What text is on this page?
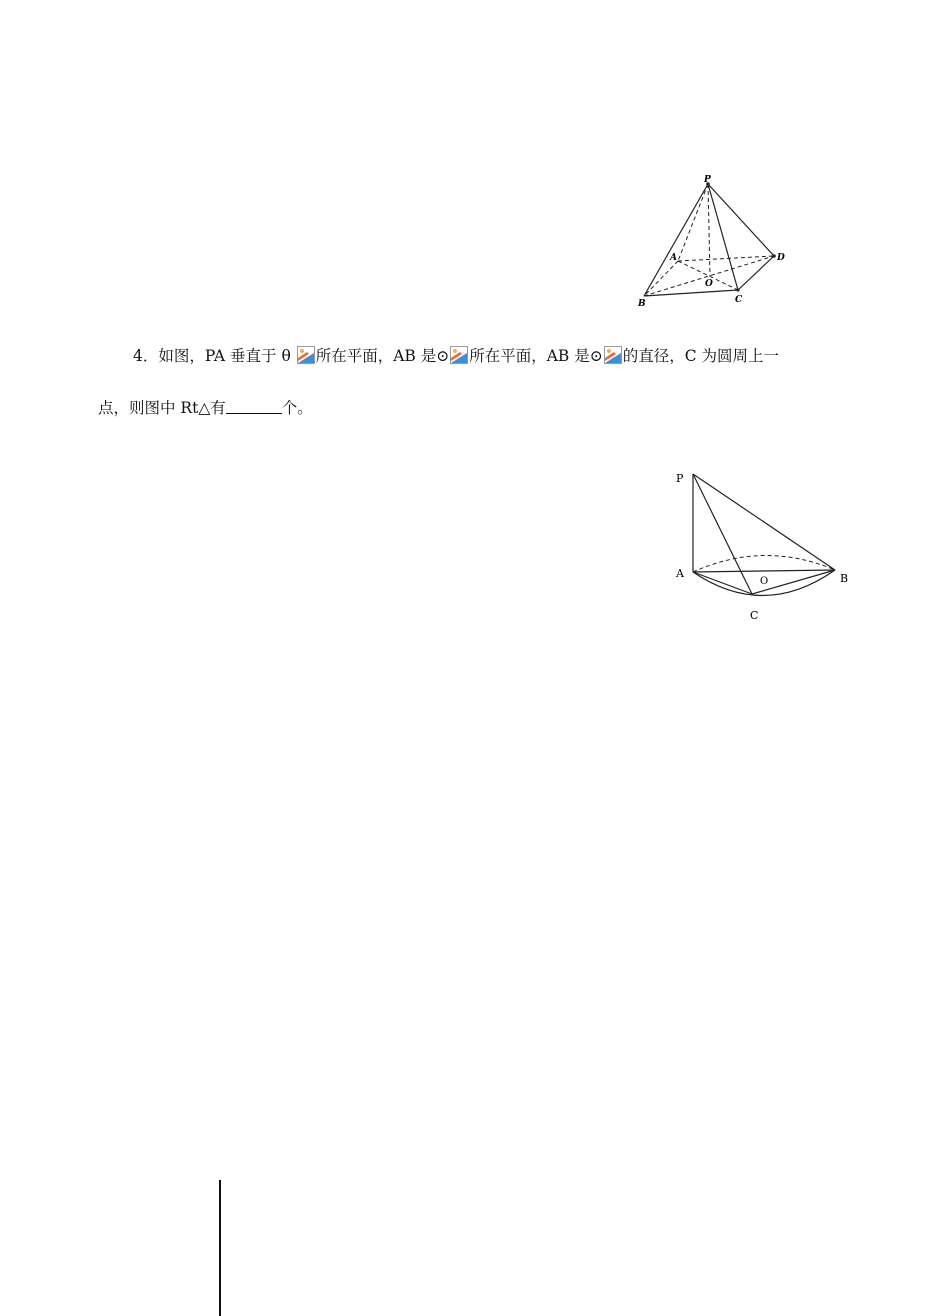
P
A
B	C
D
O
4．如图，PA 垂直于 θ 所在平面，AB 是⊙ 所在平面，AB 是⊙ 的直径，C 为圆周上一
点，则图中 Rt△有	个。
P
A	B
C
O
